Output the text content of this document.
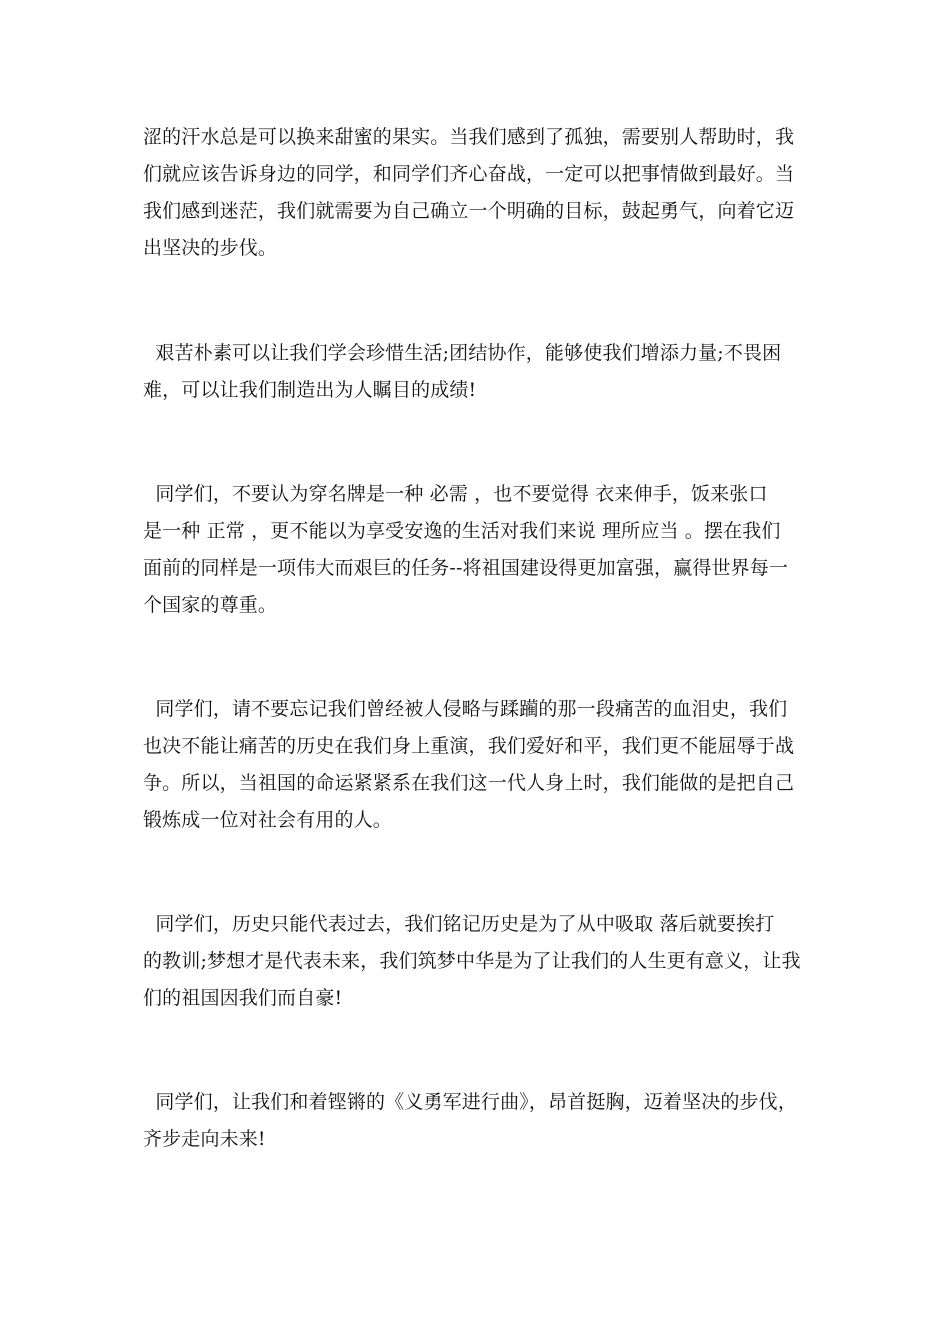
涩的汗水总是可以换来甜蜜的果实。当我们感到了孤独，需要别人帮助时，我
们就应该告诉身边的同学，和同学们齐心奋战，一定可以把事情做到最好。当
我们感到迷茫，我们就需要为自己确立一个明确的目标，鼓起勇气，向着它迈
出坚决的步伐。
艰苦朴素可以让我们学会珍惜生活;团结协作，能够使我们增添力量;不畏困
难，可以让我们制造出为人瞩目的成绩!
同学们，不要认为穿名牌是一种 必需 ，也不要觉得 衣来伸手，饭来张口
是一种 正常 ，更不能以为享受安逸的生活对我们来说 理所应当 。摆在我们
面前的同样是一项伟大而艰巨的任务--将祖国建设得更加富强，赢得世界每一
个国家的尊重。
同学们，请不要忘记我们曾经被人侵略与蹂躏的那一段痛苦的血泪史，我们
也决不能让痛苦的历史在我们身上重演，我们爱好和平，我们更不能屈辱于战
争。所以，当祖国的命运紧紧系在我们这一代人身上时，我们能做的是把自己
锻炼成一位对社会有用的人。
同学们，历史只能代表过去，我们铭记历史是为了从中吸取 落后就要挨打
的教训;梦想才是代表未来，我们筑梦中华是为了让我们的人生更有意义，让我
们的祖国因我们而自豪!
同学们，让我们和着铿锵的《义勇军进行曲》，昂首挺胸，迈着坚决的步伐，
齐步走向未来!
